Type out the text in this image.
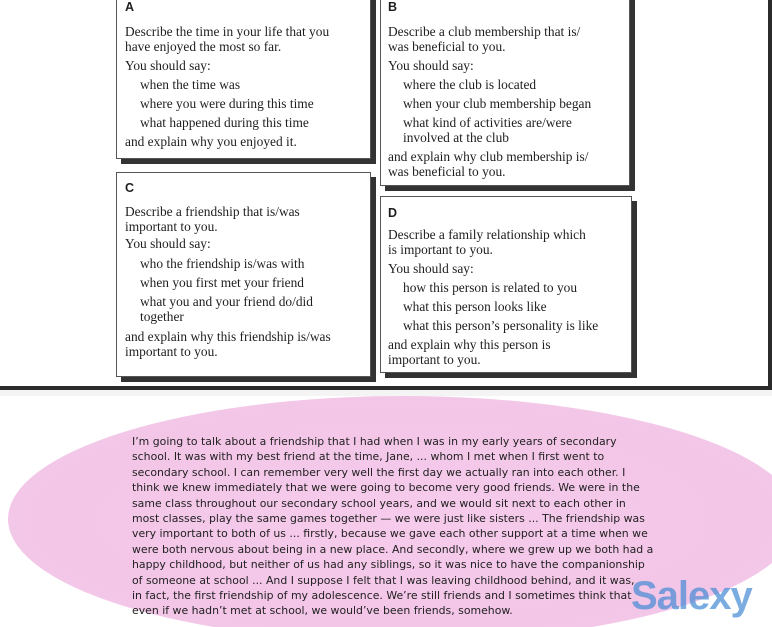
A
Describe the time in your life that you
have enjoyed the most so far.
You should say:
when the time was
where you were during this time
what happened during this time
and explain why you enjoyed it.
B
Describe a club membership that is/
was beneficial to you.
You should say:
where the club is located
when your club membership began
what kind of activities are/were
involved at the club
and explain why club membership is/
was beneficial to you.
C
Describe a friendship that is/was
important to you.
You should say:
who the friendship is/was with
when you first met your friend
what you and your friend do/did
together
and explain why this friendship is/was
important to you.
D
Describe a family relationship which
is important to you.
You should say:
how this person is related to you
what this person looks like
what this person’s personality is like
and explain why this person is
important to you.
I’m going to talk about a friendship that I had when I was in my early years of secondary
school. It was with my best friend at the time, Jane, ... whom I met when I first went to
secondary school. I can remember very well the first day we actually ran into each other. I
think we knew immediately that we were going to become very good friends. We were in the
same class throughout our secondary school years, and we would sit next to each other in
most classes, play the same games together — we were just like sisters ... The friendship was
very important to both of us ... firstly, because we gave each other support at a time when we
were both nervous about being in a new place. And secondly, where we grew up we both had a
happy childhood, but neither of us had any siblings, so it was nice to have the companionship
of someone at school ... And I suppose I felt that I was leaving childhood behind, and it was,
in fact, the first friendship of my adolescence. We’re still friends and I sometimes think that
even if we hadn’t met at school, we would’ve been friends, somehow.	Salexy
